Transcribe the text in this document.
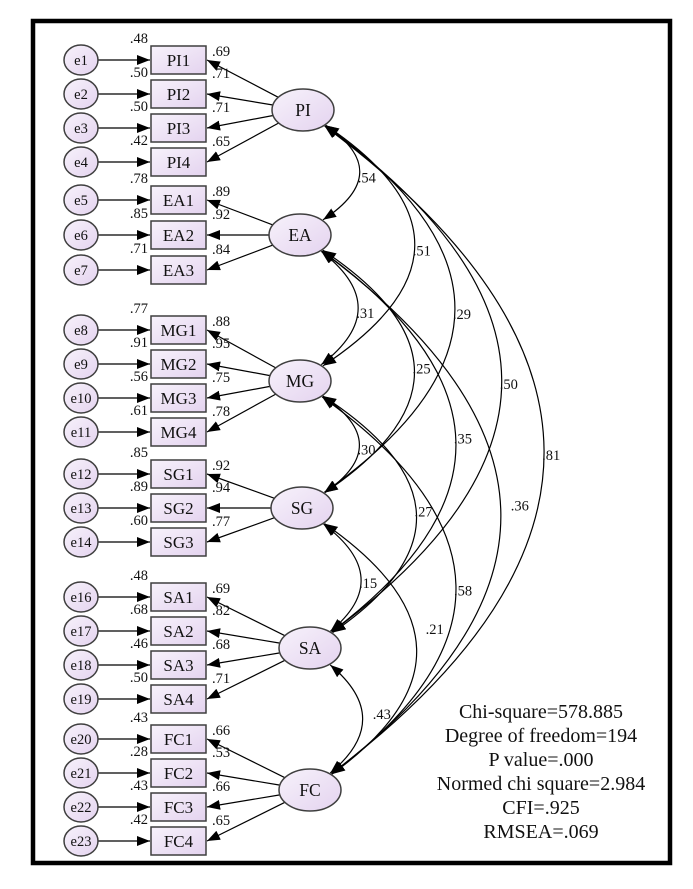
e1	PI1
.48
.69
e2	PI2
.50	.71
e3	PI3
.50	.71
e4	PI4
.42	.65
PI
e5	EA1
.78
.89
e6	EA2
.85	.92
e7	EA3
.71	.84
EA
e8	MG1
.77
.88
e9	MG2
.91	.95
e10	MG3
.56	.75
e11	MG4
.61	.78
MG
e12	SG1
.85
.92
e13	SG2
.89	.94
e14	SG3
.60	.77
SG
e16	SA1
.48
.69
e17	SA2
.68	.82
e18	SA3
.46	.68
e19	SA4
.50	.71
SA
e20	FC1
.43
.66
e21	FC2
.28	.53
e22	FC3
.43	.66
e23	FC4
.42	.65
FC
.54
.51
.29
.50
.81
.31
.25
.35
.36
.30
.27
.58
.15
.21
.43	Chi-square=578.885
Degree of freedom=194
P value=.000
Normed chi square=2.984
CFI=.925
RMSEA=.069
